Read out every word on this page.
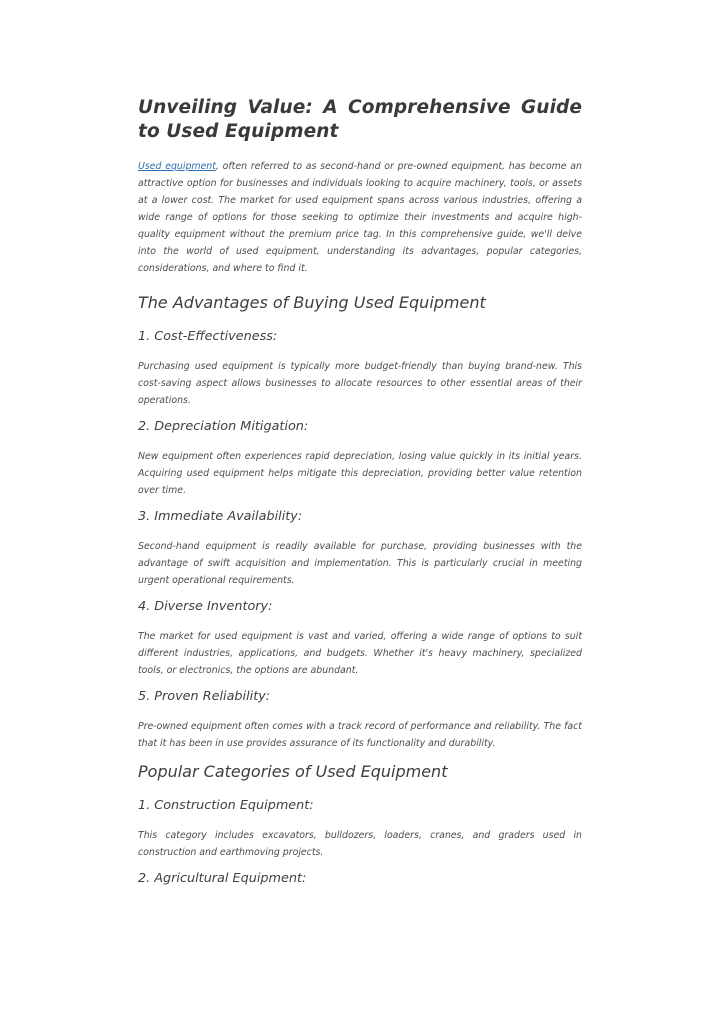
Unveiling Value: A Comprehensive Guide to Used Equipment

Used equipment, often referred to as second-hand or pre-owned equipment, has become an attractive option for businesses and individuals looking to acquire machinery, tools, or assets at a lower cost. The market for used equipment spans across various industries, offering a wide range of options for those seeking to optimize their investments and acquire high-quality equipment without the premium price tag. In this comprehensive guide, we'll delve into the world of used equipment, understanding its advantages, popular categories, considerations, and where to find it.

The Advantages of Buying Used Equipment
1. Cost-Effectiveness:

Purchasing used equipment is typically more budget-friendly than buying brand-new. This cost-saving aspect allows businesses to allocate resources to other essential areas of their operations.

2. Depreciation Mitigation:

New equipment often experiences rapid depreciation, losing value quickly in its initial years. Acquiring used equipment helps mitigate this depreciation, providing better value retention over time.

3. Immediate Availability:

Second-hand equipment is readily available for purchase, providing businesses with the advantage of swift acquisition and implementation. This is particularly crucial in meeting urgent operational requirements.

4. Diverse Inventory:

The market for used equipment is vast and varied, offering a wide range of options to suit different industries, applications, and budgets. Whether it's heavy machinery, specialized tools, or electronics, the options are abundant.

5. Proven Reliability:

Pre-owned equipment often comes with a track record of performance and reliability. The fact that it has been in use provides assurance of its functionality and durability.

Popular Categories of Used Equipment
1. Construction Equipment:

This category includes excavators, bulldozers, loaders, cranes, and graders used in construction and earthmoving projects.

2. Agricultural Equipment:
